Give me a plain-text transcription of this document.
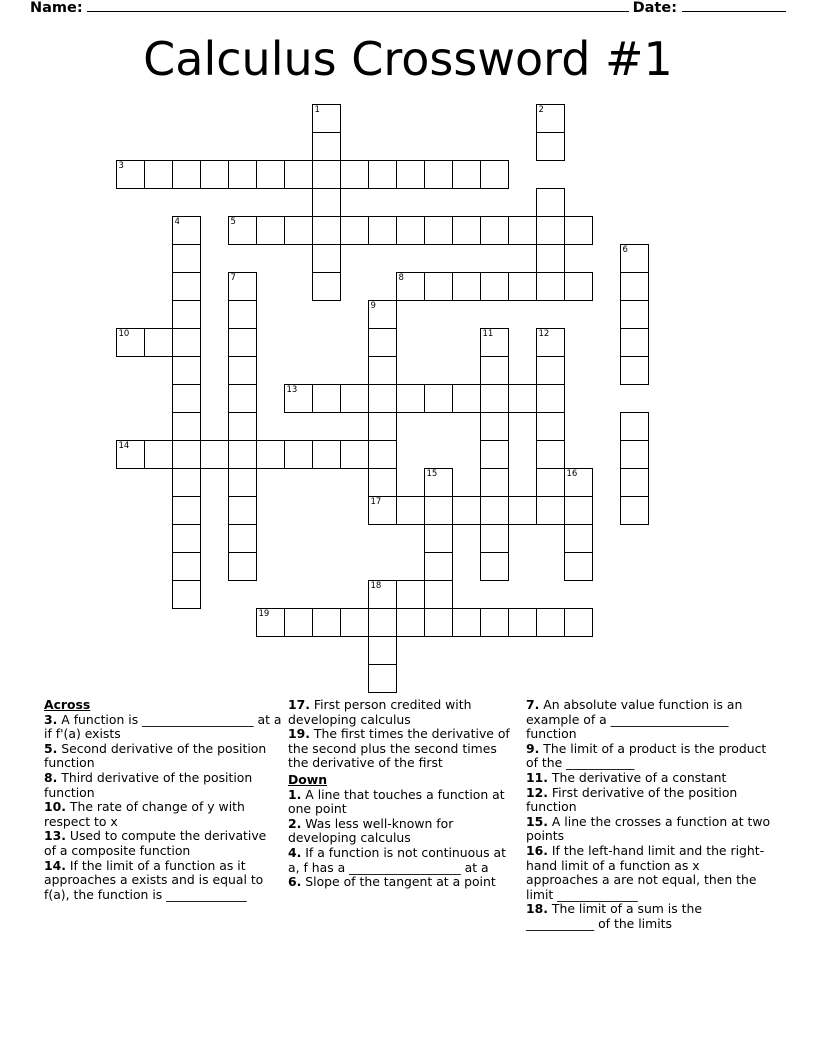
Name:	Date:
Calculus Crossword #1
1	2
3
4	5
6
7	8
9
10	11	12
13
14
15	16
17
18
19
Across

3. A function is __________________ at a if f'(a) exists

5. Second derivative of the position function

8. Third derivative of the position function

10. The rate of change of y with respect to x

13. Used to compute the derivative of a composite function

14. If the limit of a function as it approaches a exists and is equal to f(a), the function is _____________

17. First person credited with developing calculus

19. The first times the derivative of the second plus the second times the derivative of the first

Down

1. A line that touches a function at one point

2. Was less well-known for developing calculus

4. If a function is not continuous at a, f has a __________________ at a

6. Slope of the tangent at a point

7. An absolute value function is an example of a ___________________ function

9. The limit of a product is the product of the ___________

11. The derivative of a constant

12. First derivative of the position function

15. A line the crosses a function at two points

16. If the left-hand limit and the right-hand limit of a function as x approaches a are not equal, then the limit _____________

18. The limit of a sum is the ___________ of the limits
